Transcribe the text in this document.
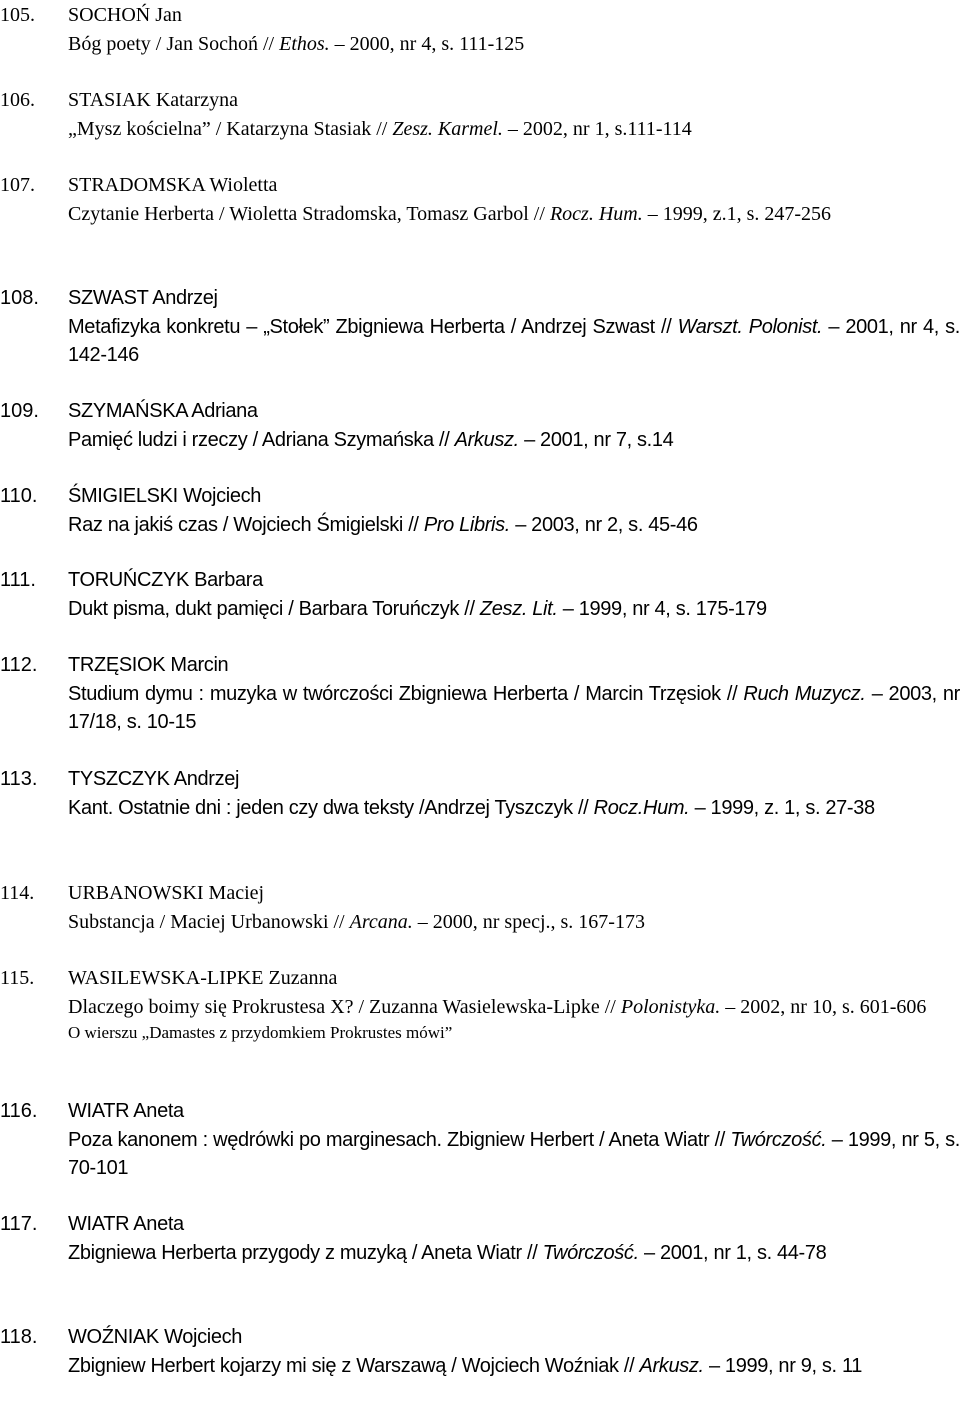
105.	SOCHOŃ Jan
Bóg poety / Jan Sochoń // Ethos. – 2000, nr 4, s. 111-125
106.	STASIAK Katarzyna
„Mysz kościelna” / Katarzyna Stasiak // Zesz. Karmel. – 2002, nr 1, s.111-114
107.	STRADOMSKA Wioletta
Czytanie Herberta / Wioletta Stradomska, Tomasz Garbol // Rocz. Hum. – 1999, z.1, s. 247-256
108.	SZWAST Andrzej
Metafizyka konkretu – „Stołek” Zbigniewa Herberta / Andrzej Szwast // Warszt. Polonist. – 2001, nr 4, s. 142-146
109.	SZYMAŃSKA Adriana
Pamięć ludzi i rzeczy / Adriana Szymańska // Arkusz. – 2001, nr 7, s.14
110.	ŚMIGIELSKI Wojciech
Raz na jakiś czas / Wojciech Śmigielski // Pro Libris. – 2003, nr 2, s. 45-46
111.	TORUŃCZYK Barbara
Dukt pisma, dukt pamięci / Barbara Toruńczyk // Zesz. Lit. – 1999, nr 4, s. 175-179
112.	TRZĘSIOK Marcin
Studium dymu : muzyka w twórczości Zbigniewa Herberta / Marcin Trzęsiok // Ruch Muzycz. – 2003, nr 17/18, s. 10-15
113.	TYSZCZYK Andrzej
Kant. Ostatnie dni : jeden czy dwa teksty /Andrzej Tyszczyk // Rocz.Hum. – 1999, z. 1, s. 27-38
114.	URBANOWSKI Maciej
Substancja / Maciej Urbanowski // Arcana. – 2000, nr specj., s. 167-173
115.	WASILEWSKA-LIPKE Zuzanna
Dlaczego boimy się Prokrustesa X? / Zuzanna Wasielewska-Lipke // Polonistyka. – 2002, nr 10, s. 601-606
O wierszu „Damastes z przydomkiem Prokrustes mówi”
116.	WIATR Aneta
Poza kanonem : wędrówki po marginesach. Zbigniew Herbert / Aneta Wiatr // Twórczość. – 1999, nr 5, s. 70-101
117.	WIATR Aneta
Zbigniewa Herberta przygody z muzyką / Aneta Wiatr // Twórczość. – 2001, nr 1, s. 44-78
118.	WOŹNIAK Wojciech
Zbigniew Herbert kojarzy mi się z Warszawą / Wojciech Woźniak // Arkusz. – 1999, nr 9, s. 11
